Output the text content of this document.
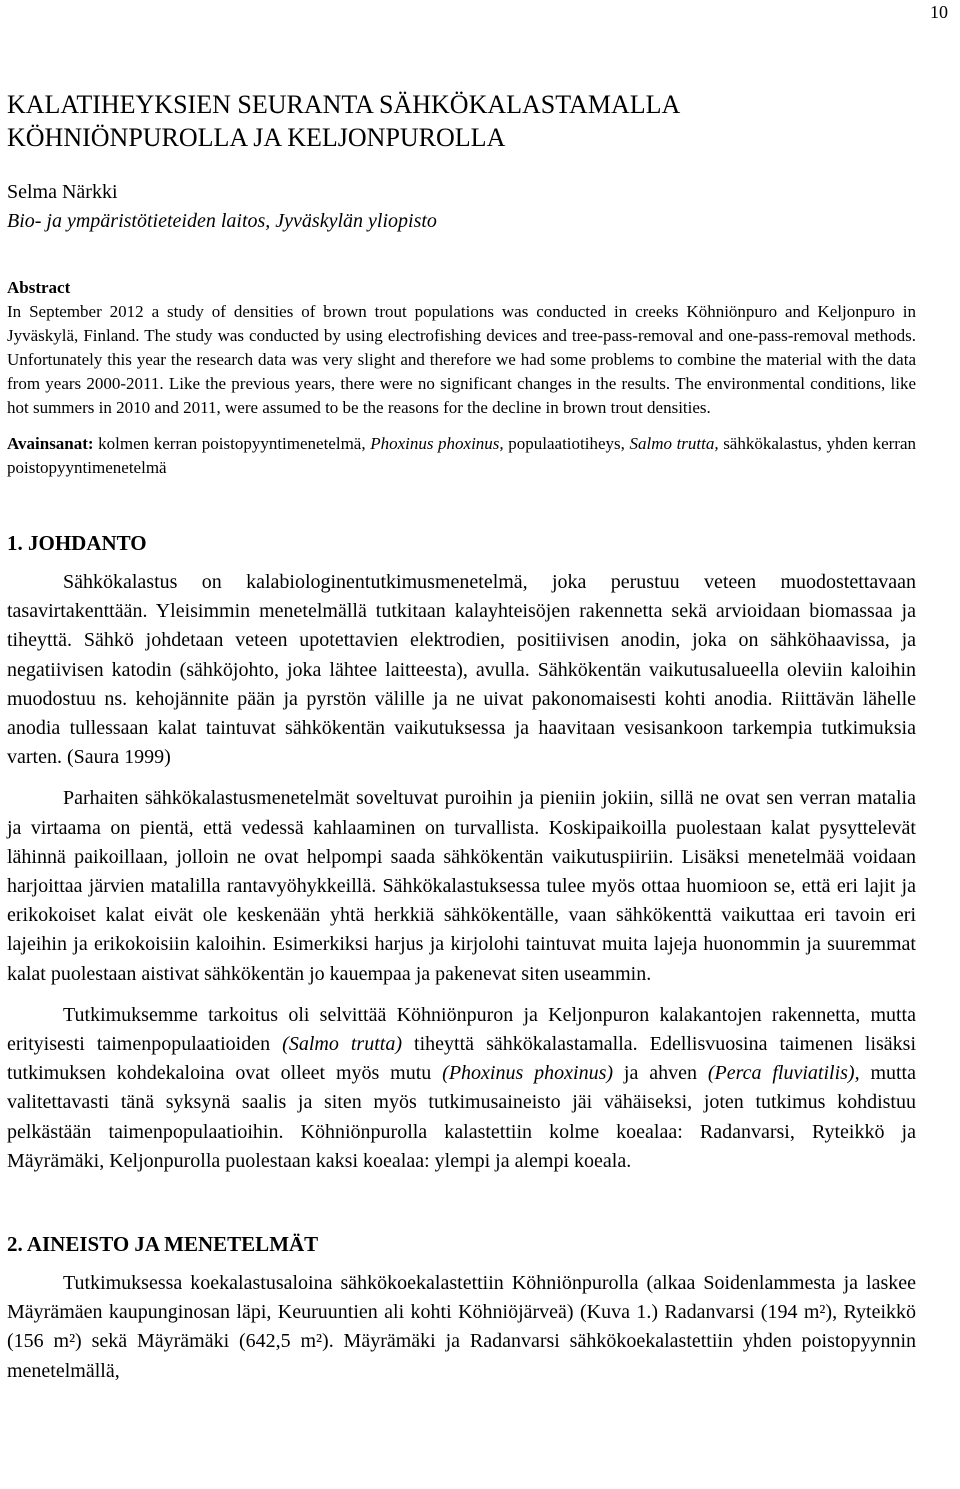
10
KALATIHEYKSIEN SEURANTA SÄHKÖKALASTAMALLA
KÖHNIÖNPUROLLA JA KELJONPUROLLA
Selma Närkki
Bio- ja ympäristötieteiden laitos, Jyväskylän yliopisto
Abstract
In September 2012 a study of densities of brown trout populations was conducted in creeks Köhniönpuro and Keljonpuro in Jyväskylä, Finland. The study was conducted by using electrofishing devices and tree-pass-removal and one-pass-removal methods. Unfortunately this year the research data was very slight and therefore we had some problems to combine the material with the data from years 2000-2011. Like the previous years, there were no significant changes in the results. The environmental conditions, like hot summers in 2010 and 2011, were assumed to be the reasons for the decline in brown trout densities.
Avainsanat: kolmen kerran poistopyyntimenetelmä, Phoxinus phoxinus, populaatiotiheys, Salmo trutta, sähkökalastus, yhden kerran poistopyyntimenetelmä
1. JOHDANTO

Sähkökalastus on kalabiologinentutkimusmenetelmä, joka perustuu veteen muodostettavaan tasavirtakenttään. Yleisimmin menetelmällä tutkitaan kalayhteisöjen rakennetta sekä arvioidaan biomassaa ja tiheyttä. Sähkö johdetaan veteen upotettavien elektrodien, positiivisen anodin, joka on sähköhaavissa, ja negatiivisen katodin (sähköjohto, joka lähtee laitteesta), avulla. Sähkökentän vaikutusalueella oleviin kaloihin muodostuu ns. kehojännite pään ja pyrstön välille ja ne uivat pakonomaisesti kohti anodia. Riittävän lähelle anodia tullessaan kalat taintuvat sähkökentän vaikutuksessa ja haavitaan vesisankoon tarkempia tutkimuksia varten. (Saura 1999)

Parhaiten sähkökalastusmenetelmät soveltuvat puroihin ja pieniin jokiin, sillä ne ovat sen verran matalia ja virtaama on pientä, että vedessä kahlaaminen on turvallista. Koskipaikoilla puolestaan kalat pysyttelevät lähinnä paikoillaan, jolloin ne ovat helpompi saada sähkökentän vaikutuspiiriin. Lisäksi menetelmää voidaan harjoittaa järvien matalilla rantavyöhykkeillä. Sähkökalastuksessa tulee myös ottaa huomioon se, että eri lajit ja erikokoiset kalat eivät ole keskenään yhtä herkkiä sähkökentälle, vaan sähkökenttä vaikuttaa eri tavoin eri lajeihin ja erikokoisiin kaloihin. Esimerkiksi harjus ja kirjolohi taintuvat muita lajeja huonommin ja suuremmat kalat puolestaan aistivat sähkökentän jo kauempaa ja pakenevat siten useammin.

Tutkimuksemme tarkoitus oli selvittää Köhniönpuron ja Keljonpuron kalakantojen rakennetta, mutta erityisesti taimenpopulaatioiden (Salmo trutta) tiheyttä sähkökalastamalla. Edellisvuosina taimenen lisäksi tutkimuksen kohdekaloina ovat olleet myös mutu (Phoxinus phoxinus) ja ahven (Perca fluviatilis), mutta valitettavasti tänä syksynä saalis ja siten myös tutkimusaineisto jäi vähäiseksi, joten tutkimus kohdistuu pelkästään taimenpopulaatioihin. Köhniönpurolla kalastettiin kolme koealaa: Radanvarsi, Ryteikkö ja Mäyrämäki, Keljonpurolla puolestaan kaksi koealaa: ylempi ja alempi koeala.

2. AINEISTO JA MENETELMÄT

Tutkimuksessa koekalastusaloina sähkökoekalastettiin Köhniönpurolla (alkaa Soidenlammesta ja laskee Mäyrämäen kaupunginosan läpi, Keuruuntien ali kohti Köhniöjärveä) (Kuva 1.) Radanvarsi (194 m²), Ryteikkö (156 m²) sekä Mäyrämäki (642,5 m²). Mäyrämäki ja Radanvarsi sähkökoekalastettiin yhden poistopyynnin menetelmällä,
